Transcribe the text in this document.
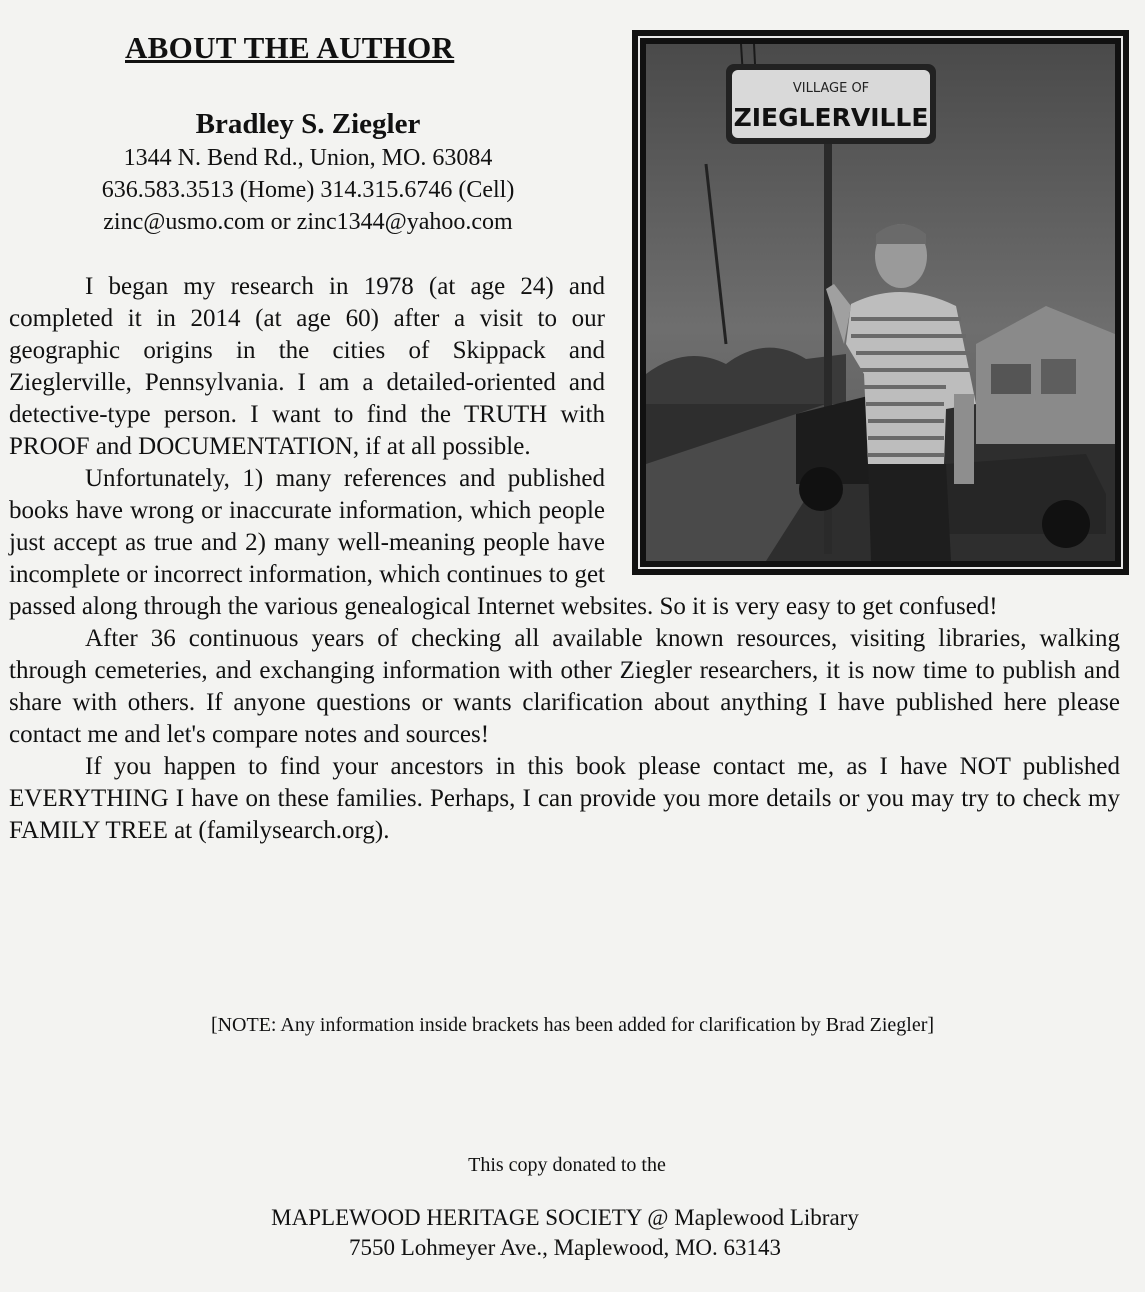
ABOUT THE AUTHOR
Bradley S. Ziegler
1344 N. Bend Rd., Union, MO. 63084
636.583.3513 (Home) 314.315.6746 (Cell)
zinc@usmo.com or zinc1344@yahoo.com
VILLAGE OF
ZIEGLERVILLE

I began my research in 1978 (at age 24) and completed it in 2014 (at age 60) after a visit to our geographic origins in the cities of Skippack and Zieglerville, Pennsylvania. I am a detailed-oriented and detective-type person. I want to find the TRUTH with PROOF and DOCUMENTATION, if at all possible.

Unfortunately, 1) many references and published books have wrong or inaccurate information, which people just accept as true and 2) many well-meaning people have incomplete or incorrect information, which continues to get passed along through the various genealogical Internet websites. So it is very easy to get confused!

After 36 continuous years of checking all available known resources, visiting libraries, walking through cemeteries, and exchanging information with other Ziegler researchers, it is now time to publish and share with others. If anyone questions or wants clarification about anything I have published here please contact me and let's compare notes and sources!

If you happen to find your ancestors in this book please contact me, as I have NOT published EVERYTHING I have on these families. Perhaps, I can provide you more details or you may try to check my FAMILY TREE at (familysearch.org).

[NOTE: Any information inside brackets has been added for clarification by Brad Ziegler]
This copy donated to the
MAPLEWOOD HERITAGE SOCIETY @ Maplewood Library
7550 Lohmeyer Ave., Maplewood, MO. 63143
